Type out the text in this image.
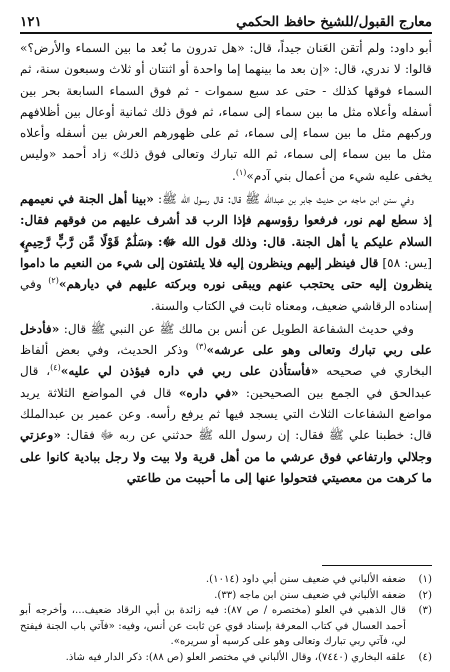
معارج القبول/للشيخ حافظ الحكمي
١٢١

أبو داود: ولم أتقن العَنان جيداً، قال: «هل تدرون ما بُعد ما بين السماء والأرض؟» قالوا: لا ندري، قال: «إن بعد ما بينهما إما واحدة أو اثنتان أو ثلاث وسبعون سنة، ثم السماء فوقها كذلك - حتى عد سبع سموات - ثم فوق السماء السابعة بحر بين أسفله وأعلاه مثل ما بين سماء إلى سماء، ثم فوق ذلك ثمانية أوعال بين أظلافهم وركبهم مثل ما بين سماء إلى سماء، ثم على ظهورهم العرش بين أسفله وأعلاه مثل ما بين سماء إلى سماء، ثم الله تبارك وتعالى فوق ذلك» زاد أحمد «وليس يخفى عليه شيء من أعمال بني آدم»$^{(١)}$.

وفي سنن ابن ماجه من حديث جابر بن عبدالله ﷺ قال: قال رسول الله ﷺ: «بينا أهل الجنة في نعيمهم إذ سطع لهم نور، فرفعوا رؤوسهم فإذا الرب قد أشرف عليهم من فوقهم فقال: السلام عليكم يا أهل الجنة. قال: وذلك قول الله ﷻ: ﴿سَلَٰمٌ قَوْلًا مِّن رَّبٍّ رَّحِيمٍ﴾ [يس: ٥٨] قال فينظر إليهم وينظرون إليه فلا يلتفتون إلى شيء من النعيم ما داموا ينظرون إليه حتى يحتجب عنهم ويبقى نوره وبركته عليهم في ديارهم»$^{(٢)}$ وفي إسناده الرقاشي ضعيف، ومعناه ثابت في الكتاب والسنة.

وفي حديث الشفاعة الطويل عن أنس بن مالك ﷺ عن النبي ﷺ قال: «فأدخل على ربي تبارك وتعالى وهو على عرشه»$^{(٣)}$ وذكر الحديث، وفي بعض ألفاظ البخاري في صحيحه «فأستأذن على ربي في داره فيؤذن لي عليه»$^{(٤)}$، قال عبدالحق في الجمع بين الصحيحين: «في داره» قال في المواضع الثلاثة يريد مواضع الشفاعات الثلاث التي يسجد فيها ثم يرفع رأسه. وعن عمير بن عبدالملك قال: خطبنا علي ﷺ فقال: إن رسول الله ﷺ حدثني عن ربه ﷻ فقال: «وعزتي وجلالي وارتفاعي فوق عرشي ما من أهل قرية ولا بيت ولا رجل ببادية كانوا على ما كرهت من معصيتي فتحولوا عنها إلى ما أحببت من طاعتي

(١)
ضعفه الألباني في ضعيف سنن أبي داود (١٠١٤).
(٢)
ضعفه الألباني في ضعيف سنن ابن ماجه (٣٣).
(٣)
قال الذهبي في العلو (مختصره / ص ٨٧): فيه زائدة بن أبي الرقاد ضعيف...، وأخرجه أبو أحمد العسال في كتاب المعرفة بإسناد قوي عن ثابت عن أنس، وفيه: «فآتي باب الجنة فيفتح لي، فآتي ربي تبارك وتعالى وهو على كرسيه أو سريره».
(٤)
علقه البخاري (٧٤٤٠)، وقال الألباني في مختصر العلو (ص ٨٨): ذكر الدار فيه شاذ.
